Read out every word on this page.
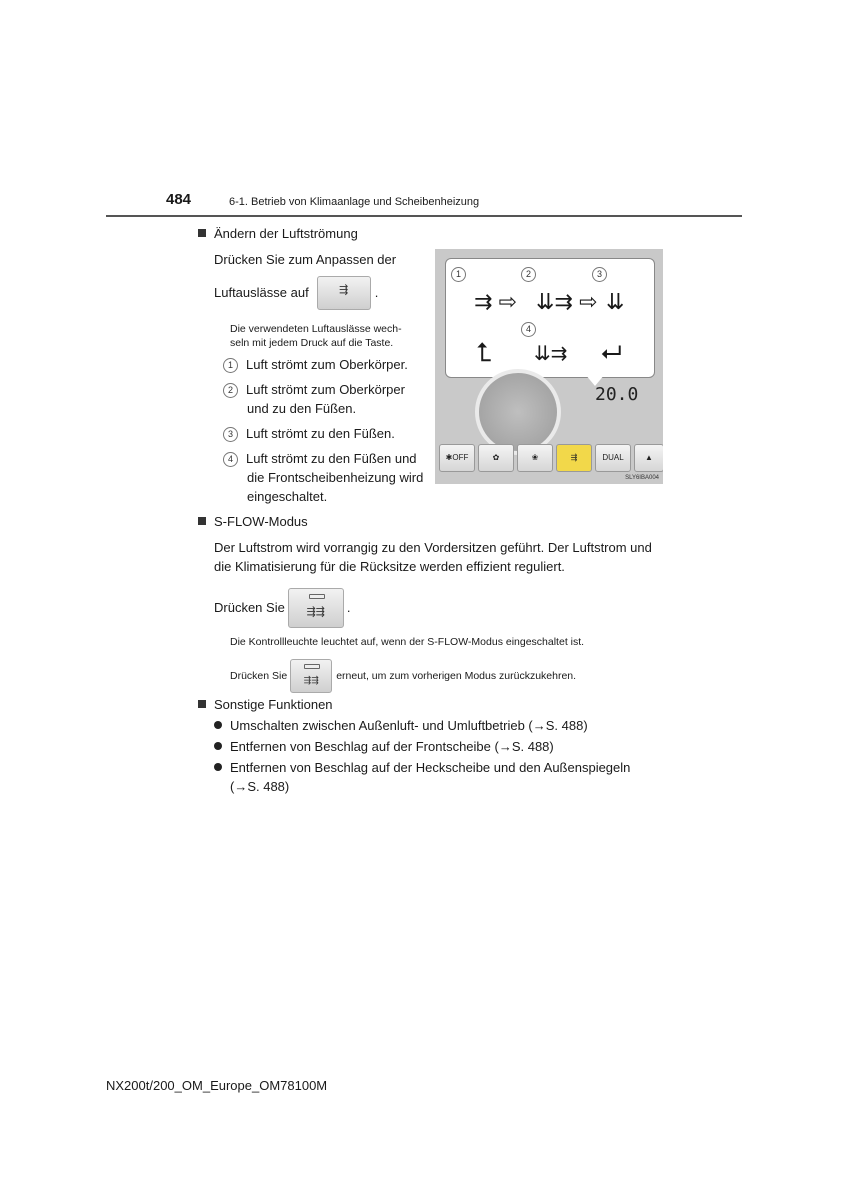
484	6-1. Betrieb von Klimaanlage und Scheibenheizung
Ändern der Luftströmung
Drücken Sie zum Anpassen der
Luftauslässe auf	⇶	.
Die verwendeten Luftauslässe wech-
seln mit jedem Druck auf die Taste.
1 Luft strömt zum Oberkörper.
2 Luft strömt zum Oberkörper
und zu den Füßen.
3 Luft strömt zu den Füßen.
4 Luft strömt zu den Füßen und
die Frontscheibenheizung wird
eingeschaltet.
1	2	3
4
⇉ ⇨ ⇊⇉ ⇨ ⇊
⮤ ⇊⇉ ⮠
20.0
✱OFF	✿	❀	⇶	DUAL	▲
SLY6IBA004
S-FLOW-Modus
Der Luftstrom wird vorrangig zu den Vordersitzen geführt. Der Luftstrom und
die Klimatisierung für die Rücksitze werden effizient reguliert.
Drücken Sie	⇶⇶	.
Die Kontrollleuchte leuchtet auf, wenn der S-FLOW-Modus eingeschaltet ist.
Drücken Sie	⇶⇶	erneut, um zum vorherigen Modus zurückzukehren.
Sonstige Funktionen
Umschalten zwischen Außenluft- und Umluftbetrieb (→S. 488)
Entfernen von Beschlag auf der Frontscheibe (→S. 488)
Entfernen von Beschlag auf der Heckscheibe und den Außenspiegeln
(→S. 488)
NX200t/200_OM_Europe_OM78100M
